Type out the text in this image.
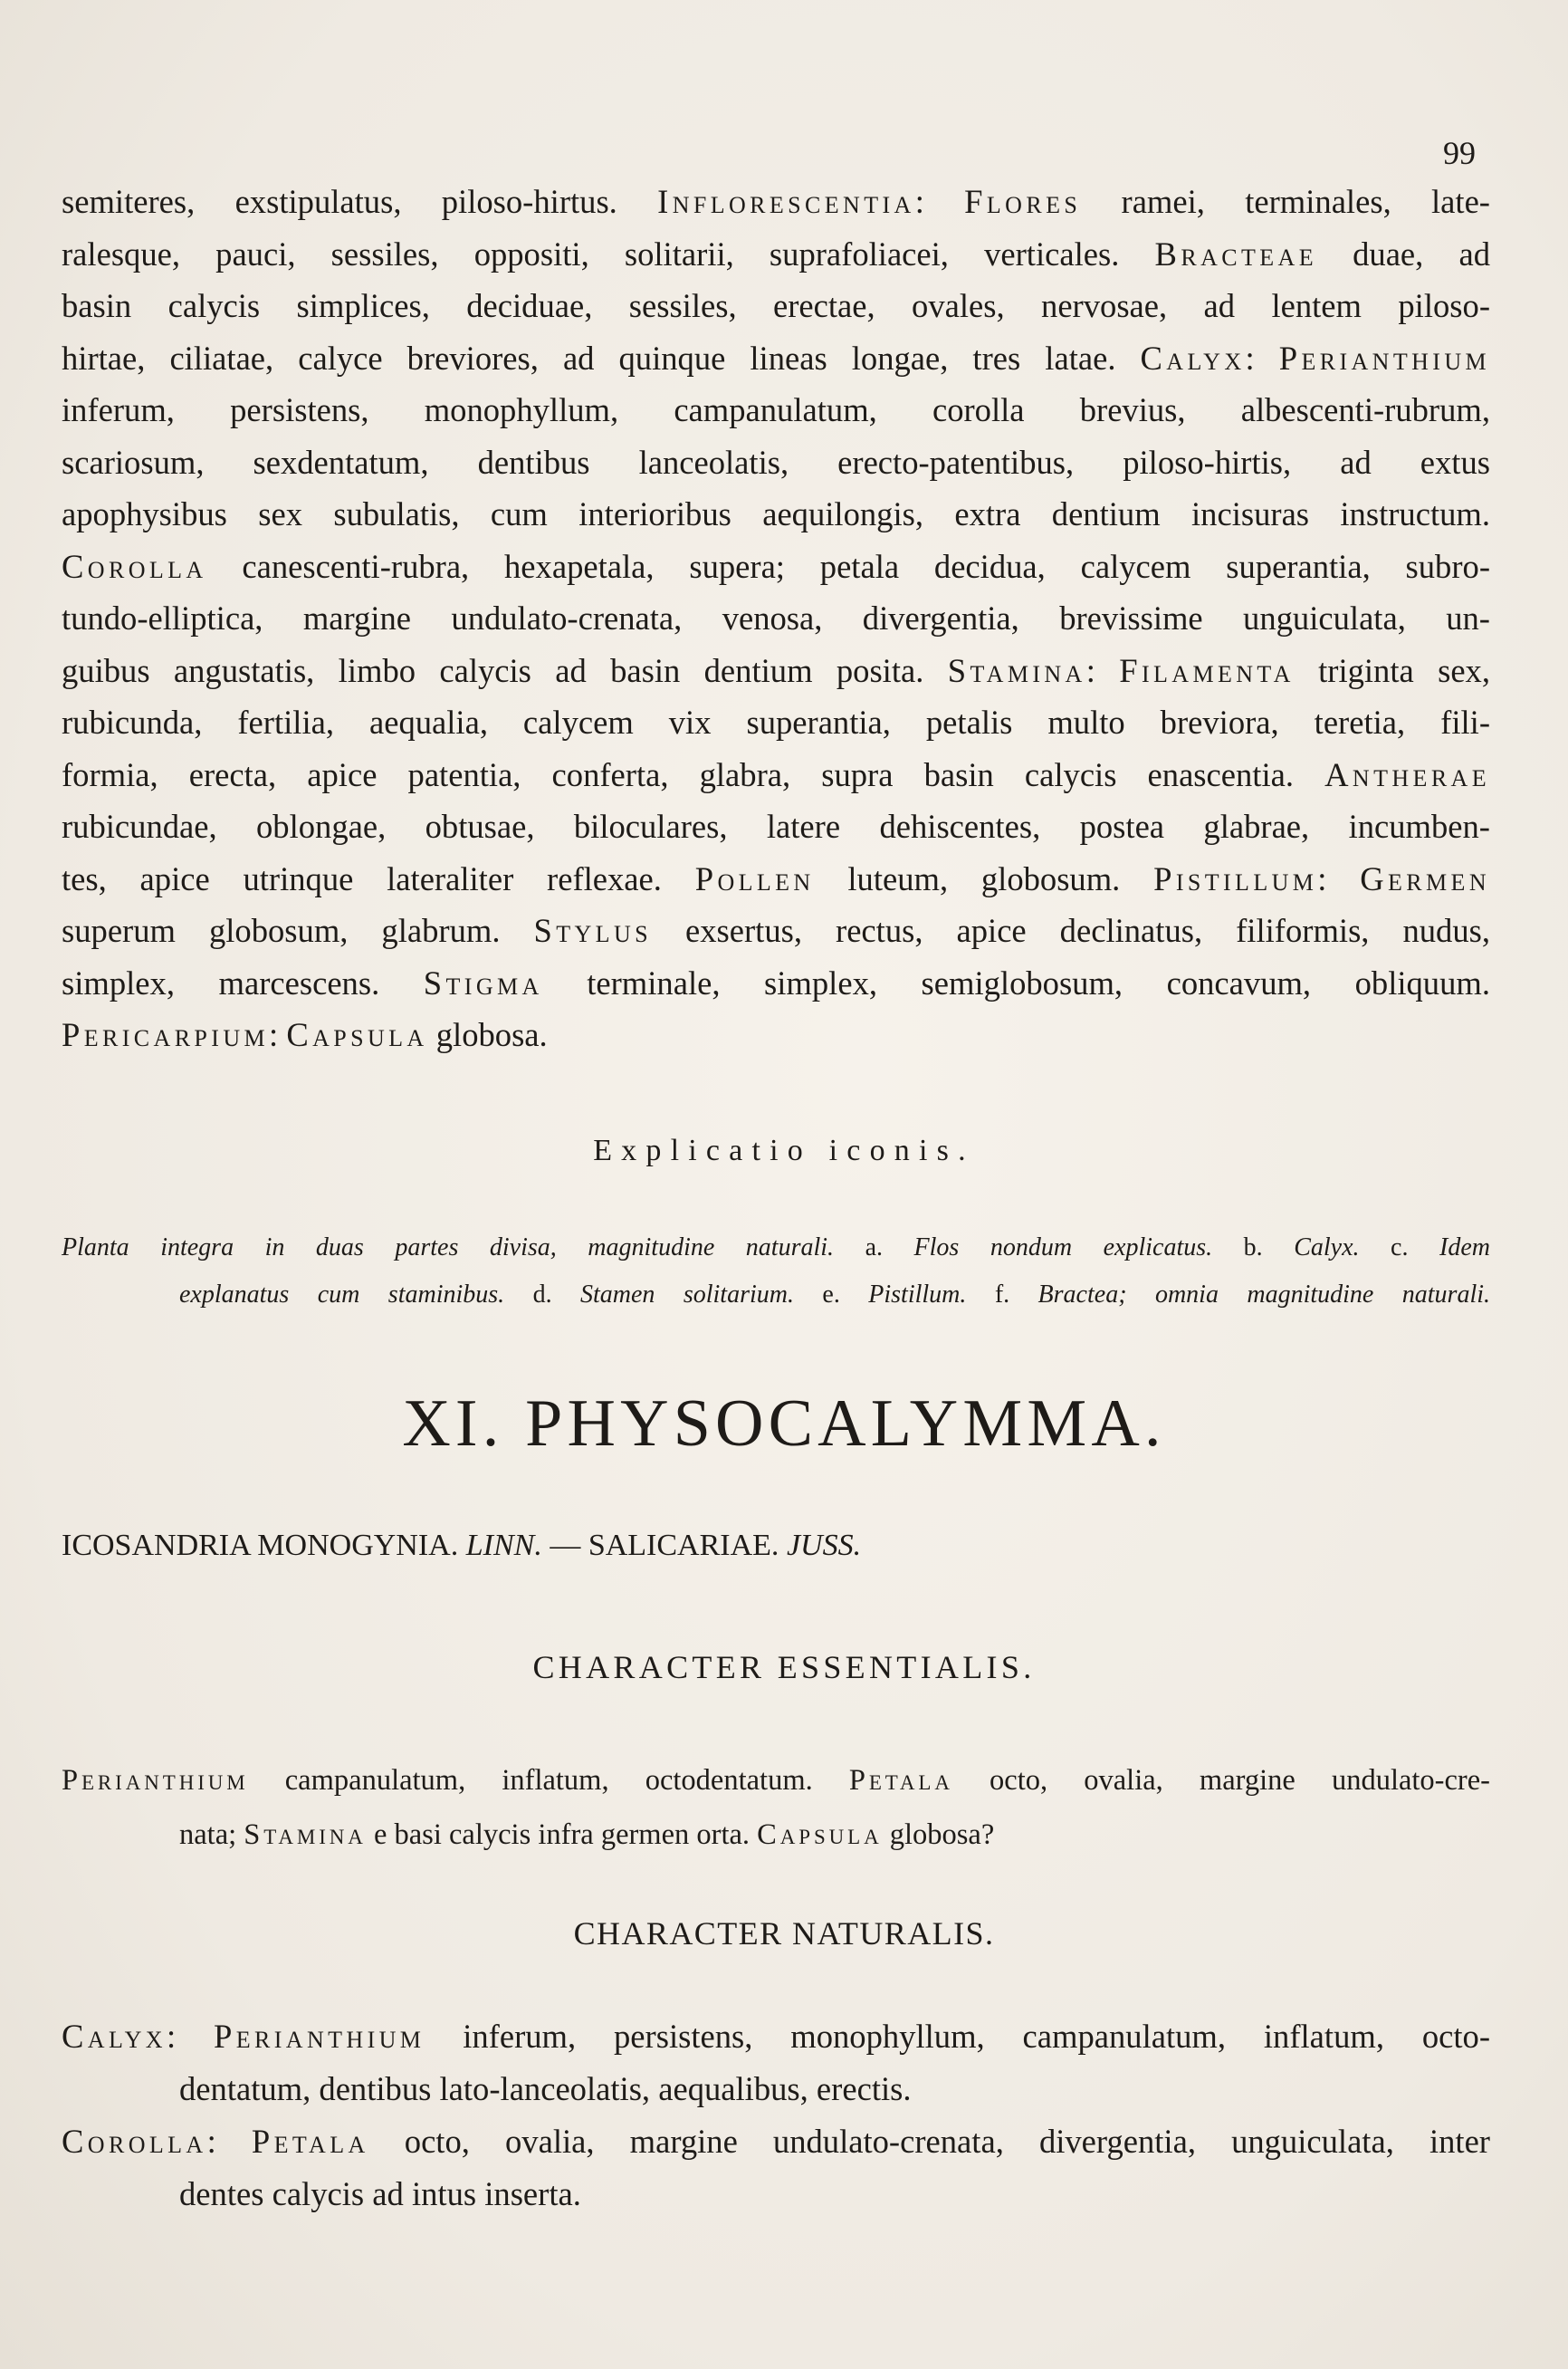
99
semiteres, exstipulatus, piloso-hirtus. Inflorescentia: Flores ramei, terminales, late-
ralesque, pauci, sessiles, oppositi, solitarii, suprafoliacei, verticales. Bracteae duae, ad
basin calycis simplices, deciduae, sessiles, erectae, ovales, nervosae, ad lentem piloso-
hirtae, ciliatae, calyce breviores, ad quinque lineas longae, tres latae. Calyx: Perianthium
inferum, persistens, monophyllum, campanulatum, corolla brevius, albescenti-rubrum,
scariosum, sexdentatum, dentibus lanceolatis, erecto-patentibus, piloso-hirtis, ad extus
apophysibus sex subulatis, cum interioribus aequilongis, extra dentium incisuras instructum.
Corolla canescenti-rubra, hexapetala, supera; petala decidua, calycem superantia, subro-
tundo-elliptica, margine undulato-crenata, venosa, divergentia, brevissime unguiculata, un-
guibus angustatis, limbo calycis ad basin dentium posita. Stamina: Filamenta triginta sex,
rubicunda, fertilia, aequalia, calycem vix superantia, petalis multo breviora, teretia, fili-
formia, erecta, apice patentia, conferta, glabra, supra basin calycis enascentia. Antherae
rubicundae, oblongae, obtusae, biloculares, latere dehiscentes, postea glabrae, incumben-
tes, apice utrinque lateraliter reflexae. Pollen luteum, globosum. Pistillum: Germen
superum globosum, glabrum. Stylus exsertus, rectus, apice declinatus, filiformis, nudus,
simplex, marcescens. Stigma terminale, simplex, semiglobosum, concavum, obliquum.
Pericarpium: Capsula globosa.
Explicatio iconis.
Planta integra in duas partes divisa, magnitudine naturali. a. Flos nondum explicatus. b. Calyx. c. Idem
explanatus cum staminibus. d. Stamen solitarium. e. Pistillum. f. Bractea; omnia magnitudine naturali.
XI. PHYSOCALYMMA.
ICOSANDRIA MONOGYNIA. LINN. — SALICARIAE. JUSS.
CHARACTER ESSENTIALIS.
Perianthium campanulatum, inflatum, octodentatum. Petala octo, ovalia, margine undulato-cre-
nata; Stamina e basi calycis infra germen orta. Capsula globosa?
CHARACTER NATURALIS.
Calyx: Perianthium inferum, persistens, monophyllum, campanulatum, inflatum, octo-
dentatum, dentibus lato-lanceolatis, aequalibus, erectis.
Corolla: Petala octo, ovalia, margine undulato-crenata, divergentia, unguiculata, inter
dentes calycis ad intus inserta.
